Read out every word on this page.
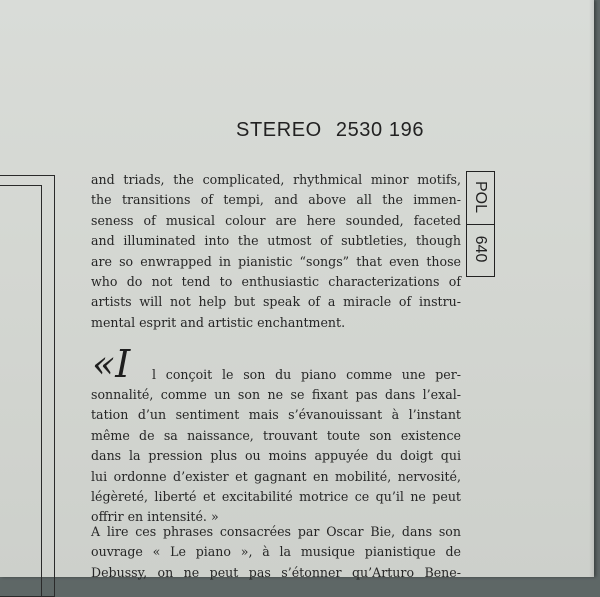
STEREO 2530 196
POL
640
and triads, the complicated, rhythmical minor motifs,
the transitions of tempi, and above all the immen-
seness of musical colour are here sounded, faceted
and illuminated into the utmost of subtleties, though
are so enwrapped in pianistic “songs” that even those
who do not tend to enthusiastic characterizations of
artists will not help but speak of a miracle of instru-
mental esprit and artistic enchantment.
«I	l conçoit le son du piano comme une per-
sonnalité, comme un son ne se fixant pas dans l’exal-
tation d’un sentiment mais s’évanouissant à l’instant
même de sa naissance, trouvant toute son existence
dans la pression plus ou moins appuyée du doigt qui
lui ordonne d’exister et gagnant en mobilité, nervosité,
légèreté, liberté et excitabilité motrice ce qu’il ne peut
offrir en intensité. »
A lire ces phrases consacrées par Oscar Bie, dans son
ouvrage « Le piano », à la musique pianistique de
Debussy, on ne peut pas s’étonner qu’Arturo Bene-
